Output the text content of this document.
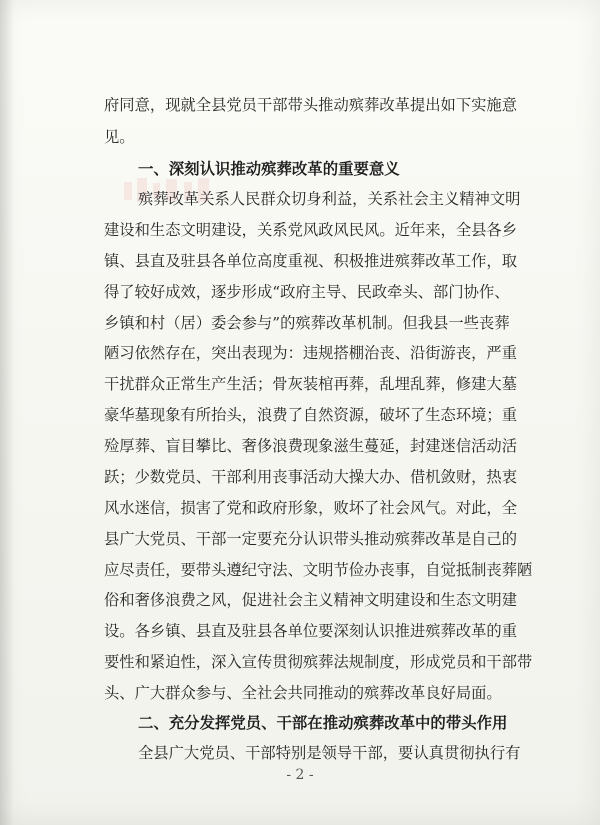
府同意，现就全县党员干部带头推动殡葬改革提出如下实施意
见。
一、深刻认识推动殡葬改革的重要意义
殡葬改革关系人民群众切身利益，关系社会主义精神文明
建设和生态文明建设，关系党风政风民风。近年来，全县各乡
镇、县直及驻县各单位高度重视、积极推进殡葬改革工作，取
得了较好成效，逐步形成“政府主导、民政牵头、部门协作、
乡镇和村（居）委会参与”的殡葬改革机制。但我县一些丧葬
陋习依然存在，突出表现为：违规搭棚治丧、沿街游丧，严重
干扰群众正常生产生活；骨灰装棺再葬，乱埋乱葬，修建大墓
豪华墓现象有所抬头，浪费了自然资源，破坏了生态环境；重
殓厚葬、盲目攀比、奢侈浪费现象滋生蔓延，封建迷信活动活
跃；少数党员、干部利用丧事活动大操大办、借机敛财，热衷
风水迷信，损害了党和政府形象，败坏了社会风气。对此，全
县广大党员、干部一定要充分认识带头推动殡葬改革是自己的
应尽责任，要带头遵纪守法、文明节俭办丧事，自觉抵制丧葬陋
俗和奢侈浪费之风，促进社会主义精神文明建设和生态文明建
设。各乡镇、县直及驻县各单位要深刻认识推进殡葬改革的重
要性和紧迫性，深入宣传贯彻殡葬法规制度，形成党员和干部带
头、广大群众参与、全社会共同推动的殡葬改革良好局面。
二、充分发挥党员、干部在推动殡葬改革中的带头作用
全县广大党员、干部特别是领导干部，要认真贯彻执行有
- 2 -
